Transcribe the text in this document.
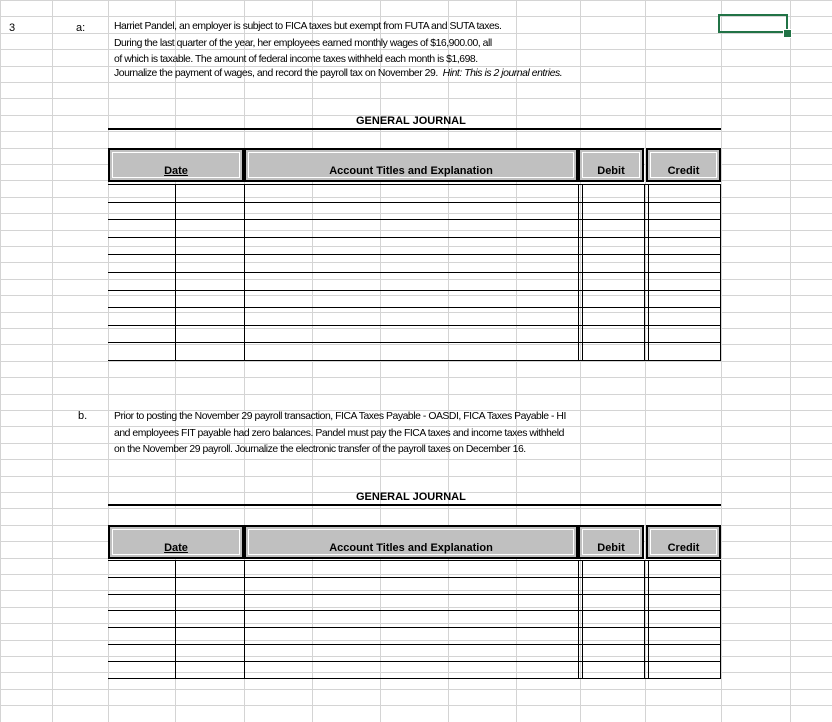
3	a:
b.
Harriet Pandel, an employer is subject to FICA taxes but exempt from FUTA and SUTA taxes.
During the last quarter of the year, her employees earned monthly wages of $16,900.00, all
of which is taxable. The amount of federal income taxes withheld each month is $1,698.
Journalize the payment of wages, and record the payroll tax on November 29. Hint: This is 2 journal entries.
GENERAL JOURNAL
Date	Account Titles and Explanation	Debit	Credit
Prior to posting the November 29 payroll transaction, FICA Taxes Payable - OASDI, FICA Taxes Payable - HI
and employees FIT payable had zero balances. Pandel must pay the FICA taxes and income taxes withheld
on the November 29 payroll. Journalize the electronic transfer of the payroll taxes on December 16.
GENERAL JOURNAL
Date	Account Titles and Explanation	Debit	Credit
